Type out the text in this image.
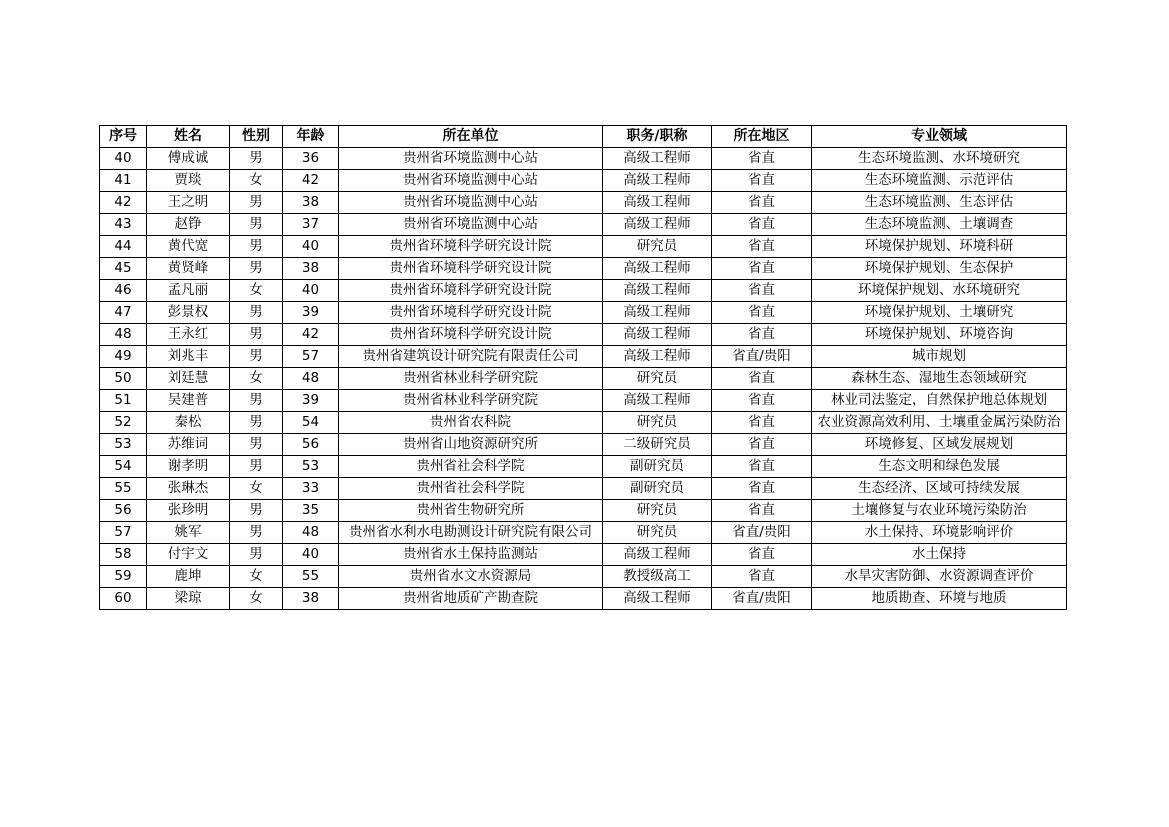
序号	姓名	性别	年龄	所在单位	职务/职称	所在地区	专业领域
40	傅成诚	男	36	贵州省环境监测中心站	高级工程师	省直	生态环境监测、水环境研究
41	贾琰	女	42	贵州省环境监测中心站	高级工程师	省直	生态环境监测、示范评估
42	王之明	男	38	贵州省环境监测中心站	高级工程师	省直	生态环境监测、生态评估
43	赵铮	男	37	贵州省环境监测中心站	高级工程师	省直	生态环境监测、土壤调查
44	黄代宽	男	40	贵州省环境科学研究设计院	研究员	省直	环境保护规划、环境科研
45	黄贤峰	男	38	贵州省环境科学研究设计院	高级工程师	省直	环境保护规划、生态保护
46	孟凡丽	女	40	贵州省环境科学研究设计院	高级工程师	省直	环境保护规划、水环境研究
47	彭景权	男	39	贵州省环境科学研究设计院	高级工程师	省直	环境保护规划、土壤研究
48	王永红	男	42	贵州省环境科学研究设计院	高级工程师	省直	环境保护规划、环境咨询
49	刘兆丰	男	57	贵州省建筑设计研究院有限责任公司	高级工程师	省直/贵阳	城市规划
50	刘廷慧	女	48	贵州省林业科学研究院	研究员	省直	森林生态、湿地生态领域研究
51	吴建普	男	39	贵州省林业科学研究院	高级工程师	省直	林业司法鉴定，自然保护地总体规划
52	秦松	男	54	贵州省农科院	研究员	省直	农业资源高效利用、土壤重金属污染防治
53	苏维词	男	56	贵州省山地资源研究所	二级研究员	省直	环境修复、区域发展规划
54	谢孝明	男	53	贵州省社会科学院	副研究员	省直	生态文明和绿色发展
55	张琳杰	女	33	贵州省社会科学院	副研究员	省直	生态经济、区域可持续发展
56	张珍明	男	35	贵州省生物研究所	研究员	省直	土壤修复与农业环境污染防治
57	姚军	男	48	贵州省水利水电勘测设计研究院有限公司	研究员	省直/贵阳	水土保持、环境影响评价
58	付宇文	男	40	贵州省水土保持监测站	高级工程师	省直	水土保持
59	鹿坤	女	55	贵州省水文水资源局	教授级高工	省直	水旱灾害防御、水资源调查评价
60	梁琼	女	38	贵州省地质矿产勘查院	高级工程师	省直/贵阳	地质勘查、环境与地质
